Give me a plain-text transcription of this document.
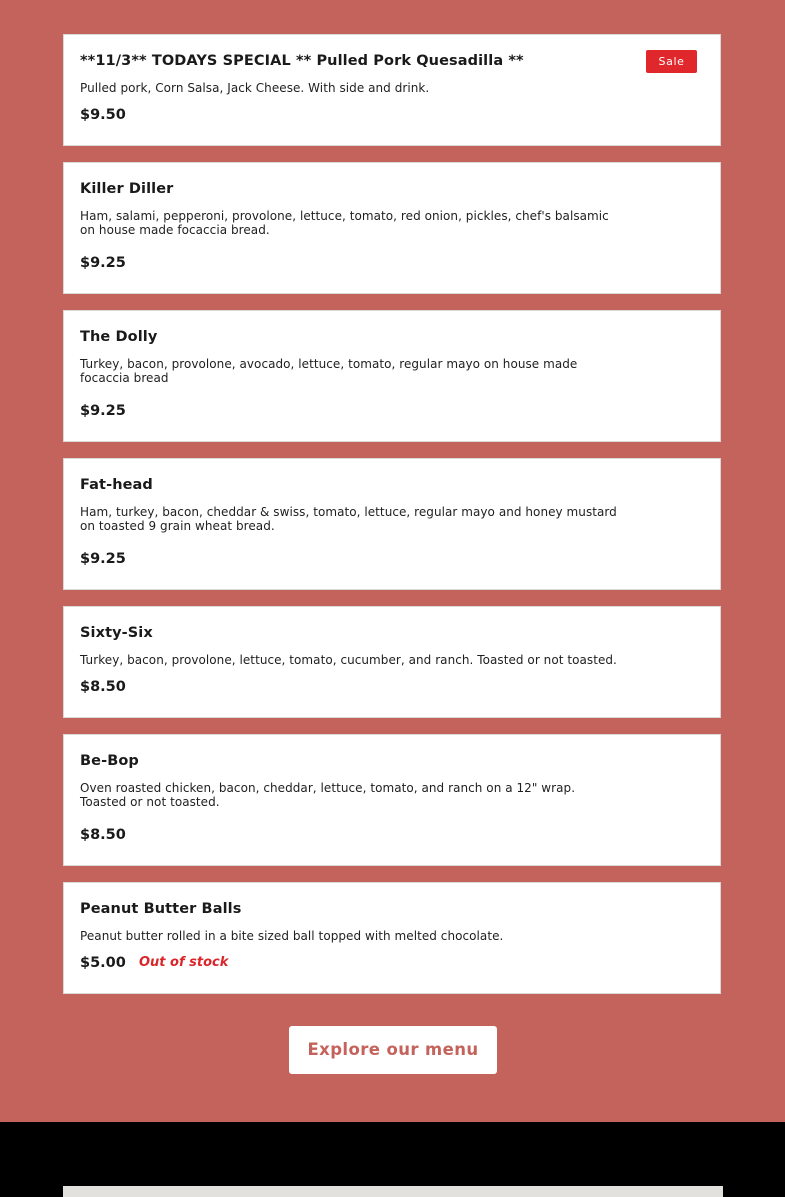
**11/3** TODAYS SPECIAL ** Pulled Pork Quesadilla **	Sale
Pulled pork, Corn Salsa, Jack Cheese. With side and drink.
$9.50
Killer Diller
Ham, salami, pepperoni, provolone, lettuce, tomato, red onion, pickles, chef's balsamic on house made focaccia bread.
$9.25
The Dolly
Turkey, bacon, provolone, avocado, lettuce, tomato, regular mayo on house made focaccia bread
$9.25
Fat-head
Ham, turkey, bacon, cheddar & swiss, tomato, lettuce, regular mayo and honey mustard on toasted 9 grain wheat bread.
$9.25
Sixty-Six
Turkey, bacon, provolone, lettuce, tomato, cucumber, and ranch. Toasted or not toasted.
$8.50
Be-Bop
Oven roasted chicken, bacon, cheddar, lettuce, tomato, and ranch on a 12" wrap. Toasted or not toasted.
$8.50
Peanut Butter Balls
Peanut butter rolled in a bite sized ball topped with melted chocolate.
$5.00 Out of stock
Explore our menu
